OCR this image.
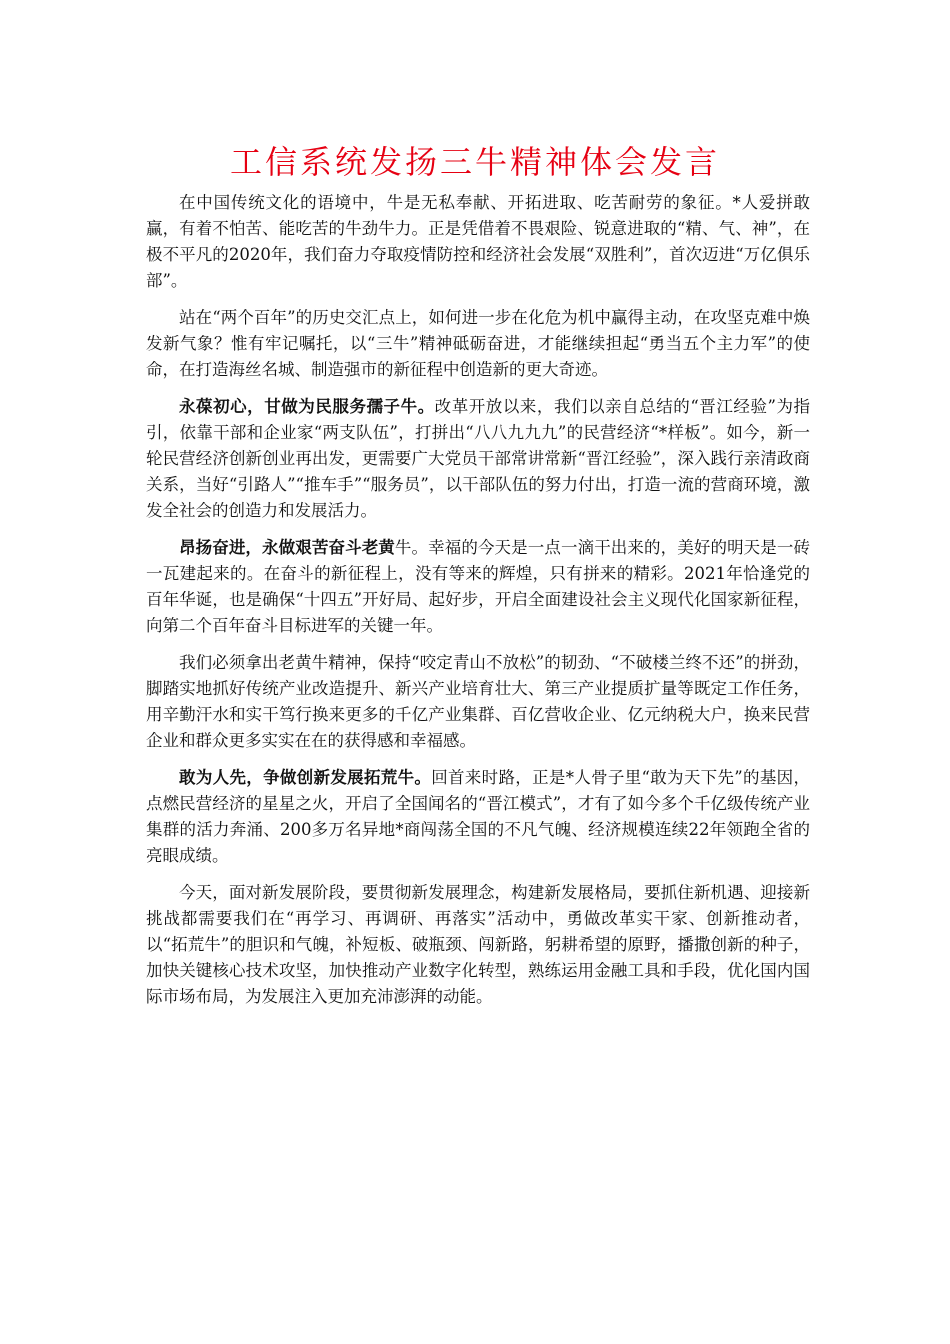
工信系统发扬三牛精神体会发言

在中国传统文化的语境中，牛是无私奉献、开拓进取、吃苦耐劳的象征。*人爱拼敢赢，有着不怕苦、能吃苦的牛劲牛力。正是凭借着不畏艰险、锐意进取的“精、气、神”，在极不平凡的2020年，我们奋力夺取疫情防控和经济社会发展“双胜利”，首次迈进“万亿俱乐部”。

站在“两个百年”的历史交汇点上，如何进一步在化危为机中赢得主动，在攻坚克难中焕发新气象？惟有牢记嘱托，以“三牛”精神砥砺奋进，才能继续担起“勇当五个主力军”的使命，在打造海丝名城、制造强市的新征程中创造新的更大奇迹。

永葆初心，甘做为民服务孺子牛。改革开放以来，我们以亲自总结的“晋江经验”为指引，依靠干部和企业家“两支队伍”，打拼出“八八九九九”的民营经济“*样板”。如今，新一轮民营经济创新创业再出发，更需要广大党员干部常讲常新“晋江经验”，深入践行亲清政商关系，当好“引路人”“推车手”“服务员”，以干部队伍的努力付出，打造一流的营商环境，激发全社会的创造力和发展活力。

昂扬奋进，永做艰苦奋斗老黄牛。幸福的今天是一点一滴干出来的，美好的明天是一砖一瓦建起来的。在奋斗的新征程上，没有等来的辉煌，只有拼来的精彩。2021年恰逢党的百年华诞，也是确保“十四五”开好局、起好步，开启全面建设社会主义现代化国家新征程，向第二个百年奋斗目标进军的关键一年。

我们必须拿出老黄牛精神，保持“咬定青山不放松”的韧劲、“不破楼兰终不还”的拼劲，脚踏实地抓好传统产业改造提升、新兴产业培育壮大、第三产业提质扩量等既定工作任务，用辛勤汗水和实干笃行换来更多的千亿产业集群、百亿营收企业、亿元纳税大户，换来民营企业和群众更多实实在在的获得感和幸福感。

敢为人先，争做创新发展拓荒牛。回首来时路，正是*人骨子里“敢为天下先”的基因，点燃民营经济的星星之火，开启了全国闻名的“晋江模式”，才有了如今多个千亿级传统产业集群的活力奔涌、200多万名异地*商闯荡全国的不凡气魄、经济规模连续22年领跑全省的亮眼成绩。

今天，面对新发展阶段，要贯彻新发展理念，构建新发展格局，要抓住新机遇、迎接新挑战都需要我们在“再学习、再调研、再落实”活动中，勇做改革实干家、创新推动者，以“拓荒牛”的胆识和气魄，补短板、破瓶颈、闯新路，躬耕希望的原野，播撒创新的种子，加快关键核心技术攻坚，加快推动产业数字化转型，熟练运用金融工具和手段，优化国内国际市场布局，为发展注入更加充沛澎湃的动能。
